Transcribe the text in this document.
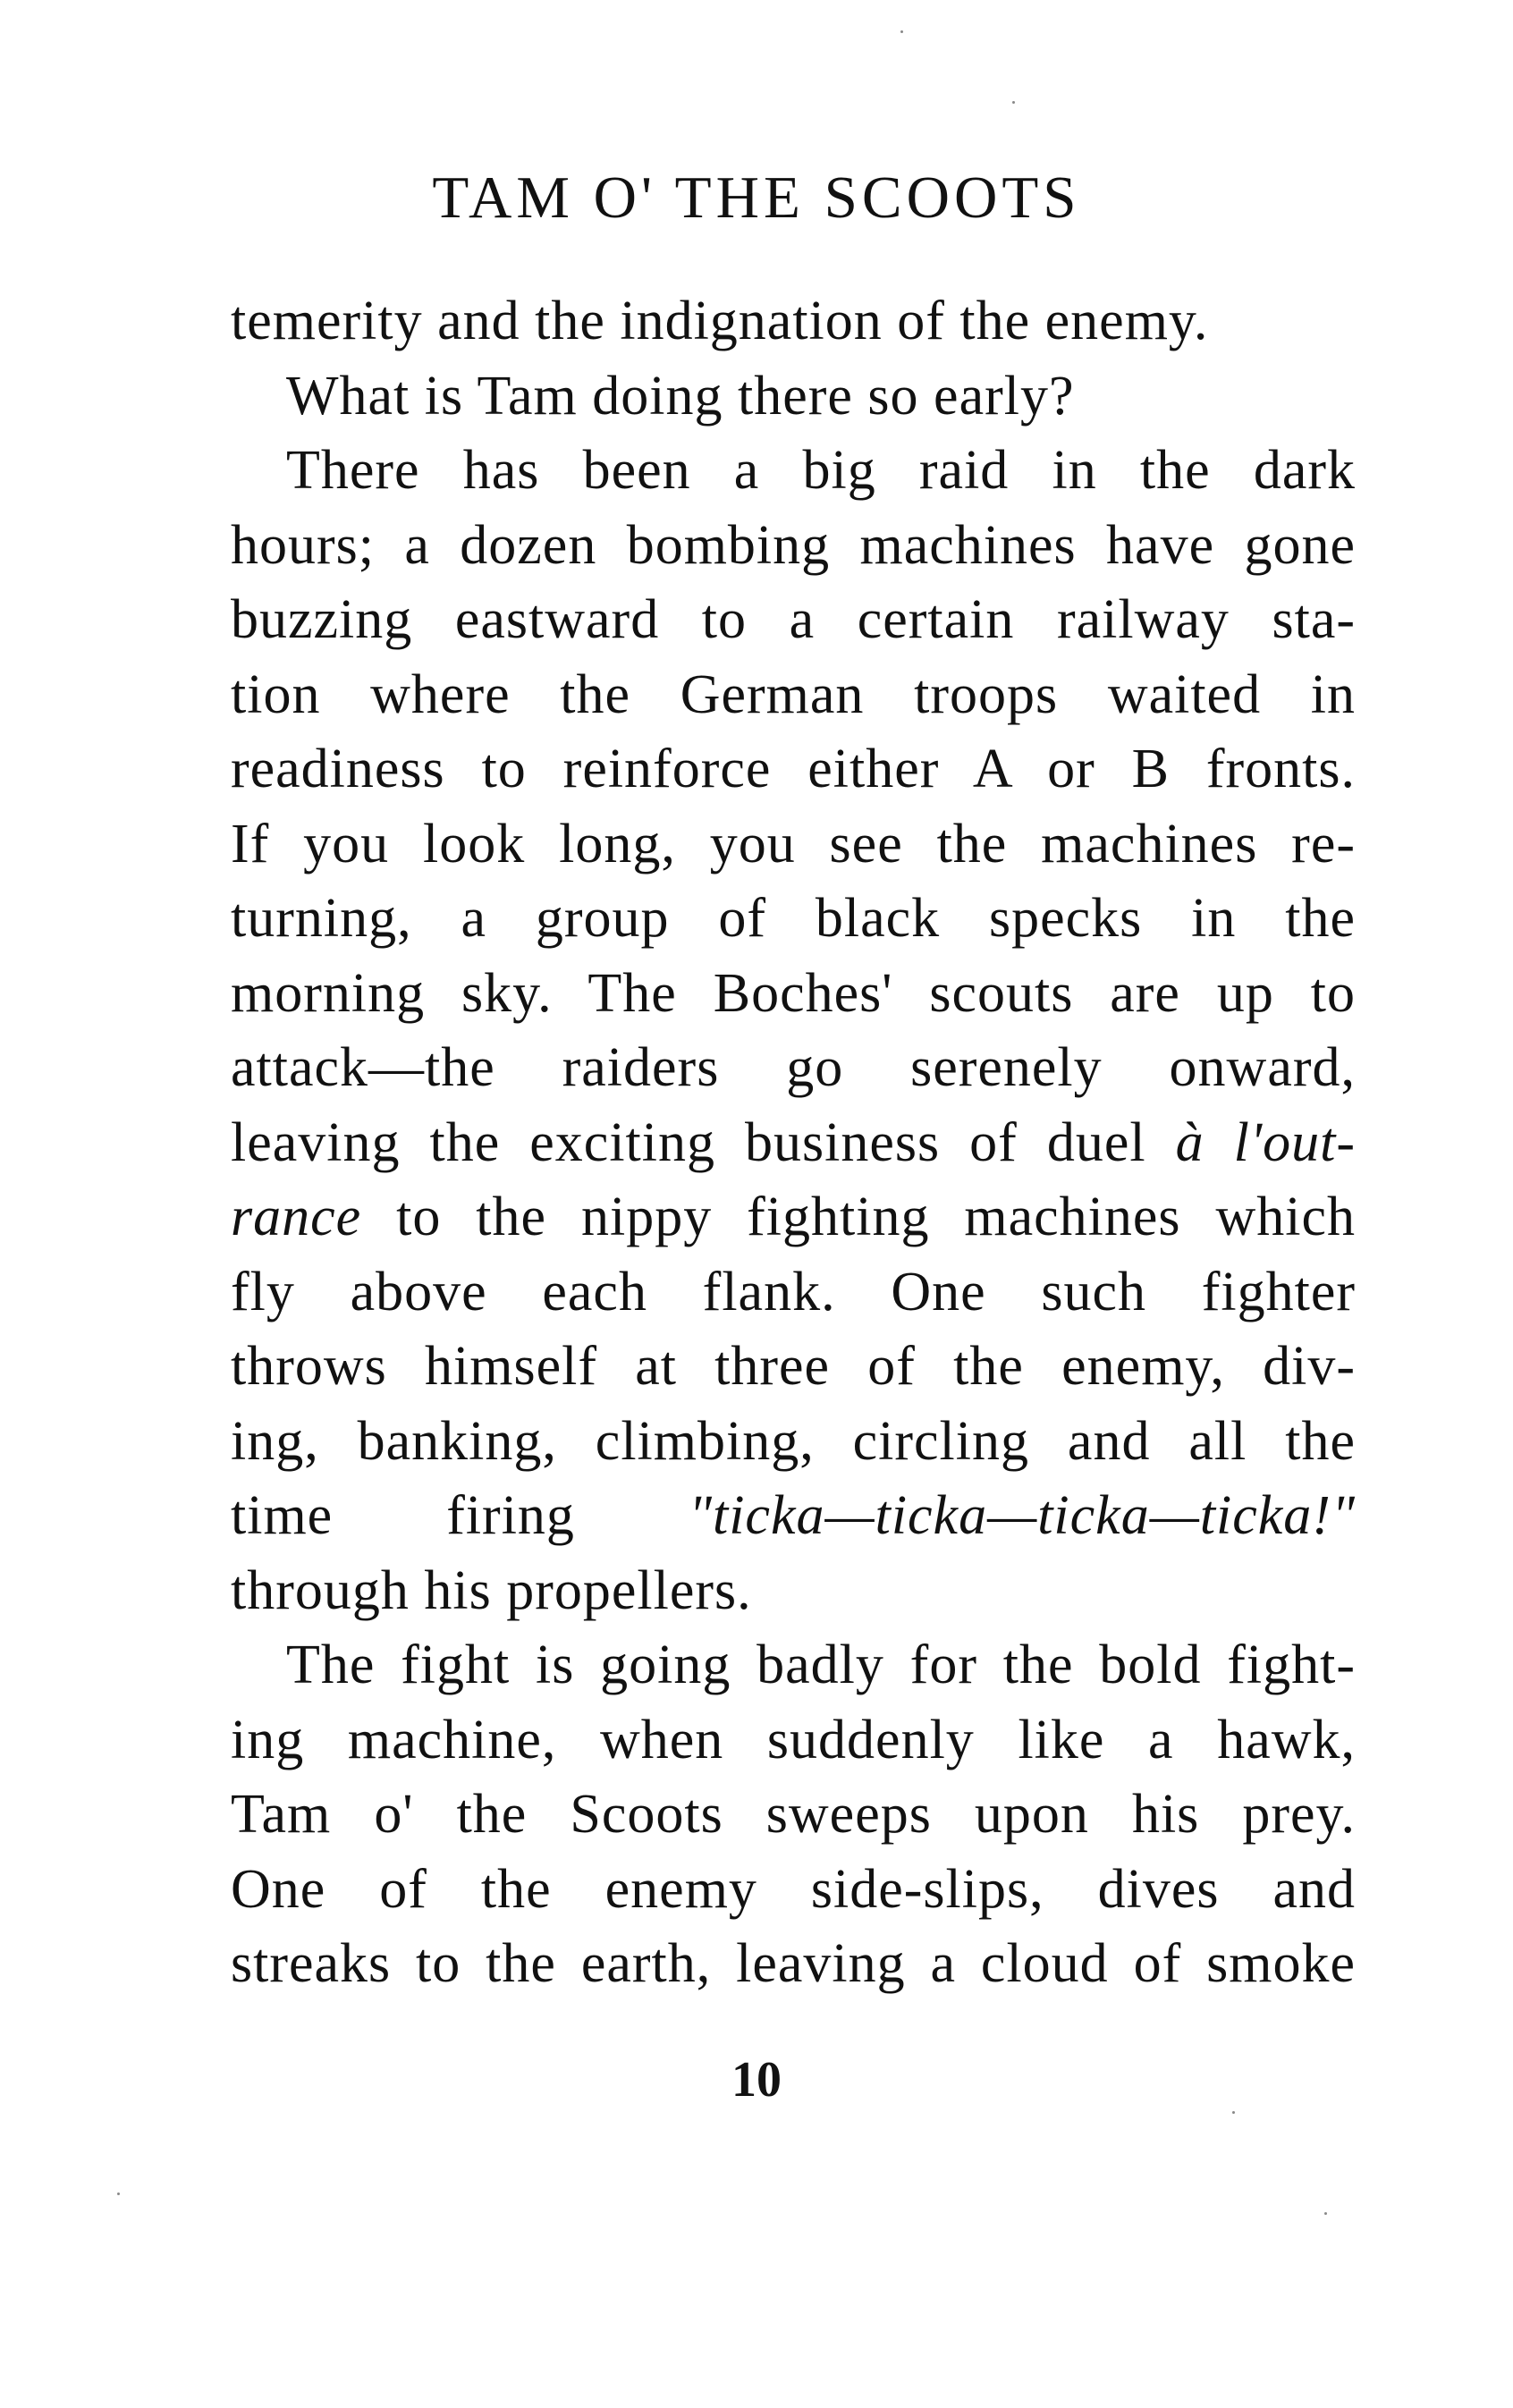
TAM O' THE SCOOTS
temerity and the indignation of the enemy.
What is Tam doing there so early?
There has been a big raid in the dark
hours; a dozen bombing machines have gone
buzzing eastward to a certain railway sta-
tion where the German troops waited in
readiness to reinforce either A or B fronts.
If you look long, you see the machines re-
turning, a group of black specks in the
morning sky. The Boches' scouts are up to
attack—the raiders go serenely onward,
leaving the exciting business of duel à l'out-
rance to the nippy fighting machines which
fly above each flank. One such fighter
throws himself at three of the enemy, div-
ing, banking, climbing, circling and all the
time firing "ticka—ticka—ticka—ticka!"
through his propellers.
The fight is going badly for the bold fight-
ing machine, when suddenly like a hawk,
Tam o' the Scoots sweeps upon his prey.
One of the enemy side-slips, dives and
streaks to the earth, leaving a cloud of smoke
10
